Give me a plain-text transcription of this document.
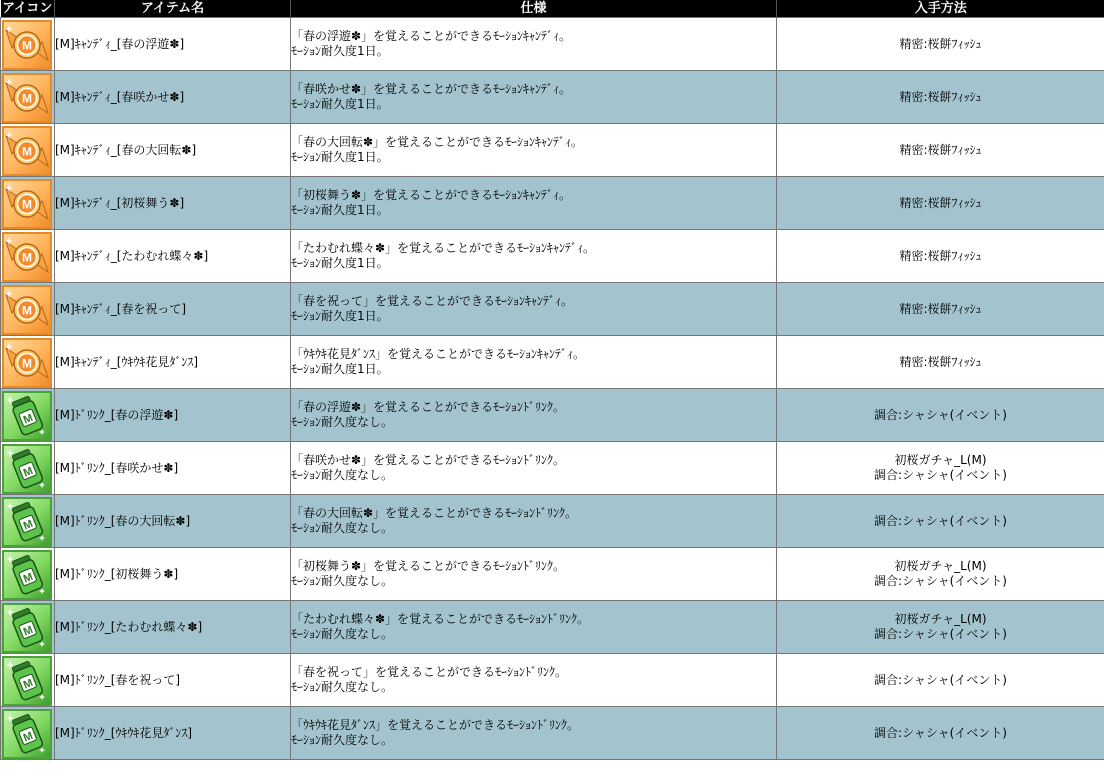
アイコン	アイテム名	仕様	入手方法

M	[M]ｷｬﾝﾃﾞｨ_[春の浮遊✽]	「春の浮遊✽」を覚えることができるﾓｰｼｮﾝｷｬﾝﾃﾞｨ。
ﾓｰｼｮﾝ耐久度1日。	精密:桜餅ﾌｨｯｼｭ

M	[M]ｷｬﾝﾃﾞｨ_[春咲かせ✽]	「春咲かせ✽」を覚えることができるﾓｰｼｮﾝｷｬﾝﾃﾞｨ。
ﾓｰｼｮﾝ耐久度1日。	精密:桜餅ﾌｨｯｼｭ

M	[M]ｷｬﾝﾃﾞｨ_[春の大回転✽]	「春の大回転✽」を覚えることができるﾓｰｼｮﾝｷｬﾝﾃﾞｨ。
ﾓｰｼｮﾝ耐久度1日。	精密:桜餅ﾌｨｯｼｭ

M	[M]ｷｬﾝﾃﾞｨ_[初桜舞う✽]	「初桜舞う✽」を覚えることができるﾓｰｼｮﾝｷｬﾝﾃﾞｨ。
ﾓｰｼｮﾝ耐久度1日。	精密:桜餅ﾌｨｯｼｭ

M	[M]ｷｬﾝﾃﾞｨ_[たわむれ蝶々✽]	「たわむれ蝶々✽」を覚えることができるﾓｰｼｮﾝｷｬﾝﾃﾞｨ。
ﾓｰｼｮﾝ耐久度1日。	精密:桜餅ﾌｨｯｼｭ

M	[M]ｷｬﾝﾃﾞｨ_[春を祝って]	「春を祝って」を覚えることができるﾓｰｼｮﾝｷｬﾝﾃﾞｨ。
ﾓｰｼｮﾝ耐久度1日。	精密:桜餅ﾌｨｯｼｭ

M	[M]ｷｬﾝﾃﾞｨ_[ｳｷｳｷ花見ﾀﾞﾝｽ]	「ｳｷｳｷ花見ﾀﾞﾝｽ」を覚えることができるﾓｰｼｮﾝｷｬﾝﾃﾞｨ。
ﾓｰｼｮﾝ耐久度1日。	精密:桜餅ﾌｨｯｼｭ

M	[M]ﾄﾞﾘﾝｸ_[春の浮遊✽]	「春の浮遊✽」を覚えることができるﾓｰｼｮﾝﾄﾞﾘﾝｸ。
ﾓｰｼｮﾝ耐久度なし。	調合:シャシャ(イベント)

M	[M]ﾄﾞﾘﾝｸ_[春咲かせ✽]	「春咲かせ✽」を覚えることができるﾓｰｼｮﾝﾄﾞﾘﾝｸ。
ﾓｰｼｮﾝ耐久度なし。	初桜ガチャ_L(M)
調合:シャシャ(イベント)

M	[M]ﾄﾞﾘﾝｸ_[春の大回転✽]	「春の大回転✽」を覚えることができるﾓｰｼｮﾝﾄﾞﾘﾝｸ。
ﾓｰｼｮﾝ耐久度なし。	調合:シャシャ(イベント)

M	[M]ﾄﾞﾘﾝｸ_[初桜舞う✽]	「初桜舞う✽」を覚えることができるﾓｰｼｮﾝﾄﾞﾘﾝｸ。
ﾓｰｼｮﾝ耐久度なし。	初桜ガチャ_L(M)
調合:シャシャ(イベント)

M	[M]ﾄﾞﾘﾝｸ_[たわむれ蝶々✽]	「たわむれ蝶々✽」を覚えることができるﾓｰｼｮﾝﾄﾞﾘﾝｸ。
ﾓｰｼｮﾝ耐久度なし。	初桜ガチャ_L(M)
調合:シャシャ(イベント)

M	[M]ﾄﾞﾘﾝｸ_[春を祝って]	「春を祝って」を覚えることができるﾓｰｼｮﾝﾄﾞﾘﾝｸ。
ﾓｰｼｮﾝ耐久度なし。	調合:シャシャ(イベント)

M	[M]ﾄﾞﾘﾝｸ_[ｳｷｳｷ花見ﾀﾞﾝｽ]	「ｳｷｳｷ花見ﾀﾞﾝｽ」を覚えることができるﾓｰｼｮﾝﾄﾞﾘﾝｸ。
ﾓｰｼｮﾝ耐久度なし。	調合:シャシャ(イベント)
